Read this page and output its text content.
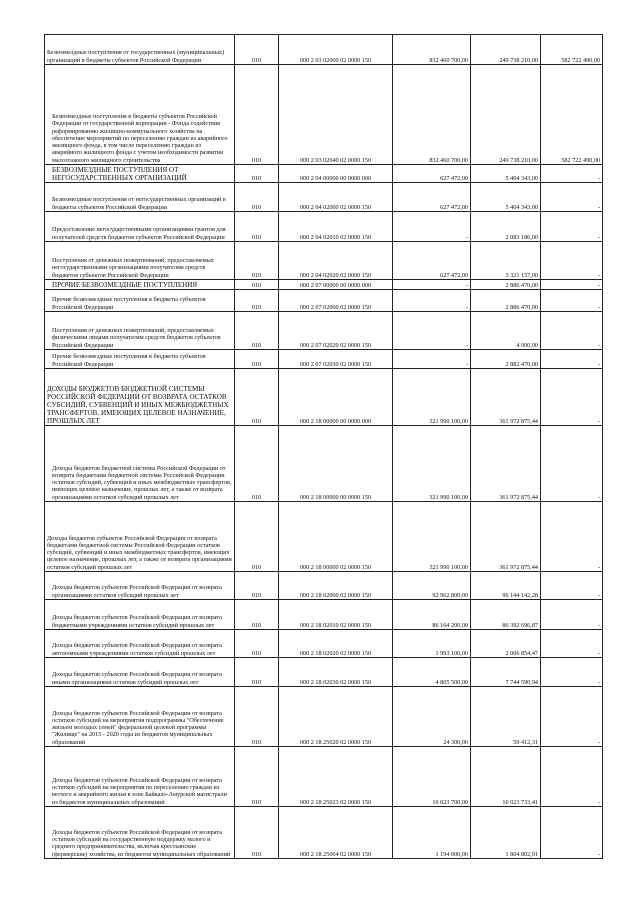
Безвозмездные поступления от государственных (муниципальных) организаций в бюджеты субъектов Российской Федерации	010	000 2 03 02000 02 0000 150	832 460 700,00	249 738 210,00	582 722 490,00
Безвозмездные поступления в бюджеты субъектов Российской Федерации от государственной корпорации - Фонда содействия реформированию жилищно-коммунального хозяйства на обеспечение мероприятий по переселению граждан из аварийного жилищного фонда, в том числе переселению граждан из аварийного жилищного фонда с учетом необходимости развития малоэтажного жилищного строительства	010	000 2 03 02040 02 0000 150	832 460 700,00	249 738 210,00	582 722 490,00
БЕЗВОЗМЕЗДНЫЕ ПОСТУПЛЕНИЯ ОТ НЕГОСУДАРСТВЕННЫХ ОРГАНИЗАЦИЙ	010	000 2 04 00000 00 0000 000	627 472,00	5 404 343,00	-
Безвозмездные поступления от негосударственных организаций в бюджеты субъектов Российской Федерации	010	000 2 04 02000 02 0000 150	627 472,00	5 404 343,00	-
Предоставление негосударственными организациями грантов для получателей средств бюджетов субъектов Российской Федерации	010	000 2 04 02010 02 0000 150	-	2 083 186,00	-
Поступления от денежных пожертвований, предоставляемых негосударственными организациями получателям средств бюджетов субъектов Российской Федерации	010	000 2 04 02020 02 0000 150	627 472,00	3 321 157,00	-
ПРОЧИЕ БЕЗВОЗМЕЗДНЫЕ ПОСТУПЛЕНИЯ	010	000 2 07 00000 00 0000 000	-	2 886 470,00	-
Прочие безвозмездные поступления в бюджеты субъектов Российской Федерации	010	000 2 07 02000 02 0000 150	-	2 886 470,00	-
Поступления от денежных пожертвований, предоставляемых физическими лицами получателям средств бюджетов субъектов Российской Федерации	010	000 2 07 02020 02 0000 150	-	4 000,00	-
Прочие безвозмездные поступления в бюджеты субъектов Российской Федерации	010	000 2 07 02030 02 0000 150	-	2 882 470,00	-
ДОХОДЫ БЮДЖЕТОВ БЮДЖЕТНОЙ СИСТЕМЫ РОССИЙСКОЙ ФЕДЕРАЦИИ ОТ ВОЗВРАТА ОСТАТКОВ СУБСИДИЙ, СУБВЕНЦИЙ И ИНЫХ МЕЖБЮДЖЕТНЫХ ТРАНСФЕРТОВ, ИМЕЮЩИХ ЦЕЛЕВОЕ НАЗНАЧЕНИЕ, ПРОШЛЫХ ЛЕТ	010	000 2 18 00000 00 0000 000	321 990 100,00	361 972 875,44	-
Доходы бюджетов бюджетной системы Российской Федерации от возврата бюджетами бюджетной системы Российской Федерации остатков субсидий, субвенций и иных межбюджетных трансфертов, имеющих целевое назначение, прошлых лет, а также от возврата организациями остатков субсидий прошлых лет	010	000 2 18 00000 00 0000 150	321 990 100,00	361 972 875,44	-
Доходы бюджетов субъектов Российской Федерации от возврата бюджетами бюджетной системы Российской Федерации остатков субсидий, субвенций и иных межбюджетных трансфертов, имеющих целевое назначение, прошлых лет, а также от возврата организациями остатков субсидий прошлых лет	010	000 2 18 00000 02 0000 150	321 990 100,00	361 972 875,44	-
Доходы бюджетов субъектов Российской Федерации от возврата организациями остатков субсидий прошлых лет	010	000 2 18 02000 02 0000 150	92 962 800,00	96 144 142,28	-
Доходы бюджетов субъектов Российской Федерации от возврата бюджетными учреждениями остатков субсидий прошлых лет	010	000 2 18 02010 02 0000 150	86 164 200,00	86 392 696,87	-
Доходы бюджетов субъектов Российской Федерации от возврата автономными учреждениями остатков субсидий прошлых лет	010	000 2 18 02020 02 0000 150	1 993 100,00	2 006 854,47	-
Доходы бюджетов субъектов Российской Федерации от возврата иными организациями остатков субсидий прошлых лет	010	000 2 18 02030 02 0000 150	4 805 500,00	7 744 590,94	-
Доходы бюджетов субъектов Российской Федерации от возврата остатков субсидий на мероприятия подпрограммы "Обеспечение жильем молодых семей" федеральной целевой программы "Жилище" на 2015 - 2020 годы из бюджетов муниципальных образований	010	000 2 18 25020 02 0000 150	24 300,00	59 412,31	-
Доходы бюджетов субъектов Российской Федерации от возврата остатков субсидий на мероприятия по переселению граждан из ветхого и аварийного жилья в зоне Байкало-Амурской магистрали из бюджетов муниципальных образований	010	000 2 18 25023 02 0000 150	10 023 700,00	10 023 733,41	-
Доходы бюджетов субъектов Российской Федерации от возврата остатков субсидий на государственную поддержку малого и среднего предпринимательства, включая крестьянские (фермерские) хозяйства, из бюджетов муниципальных образований	010	000 2 18 25064 02 0000 150	1 194 000,00	1 804 802,91	-
